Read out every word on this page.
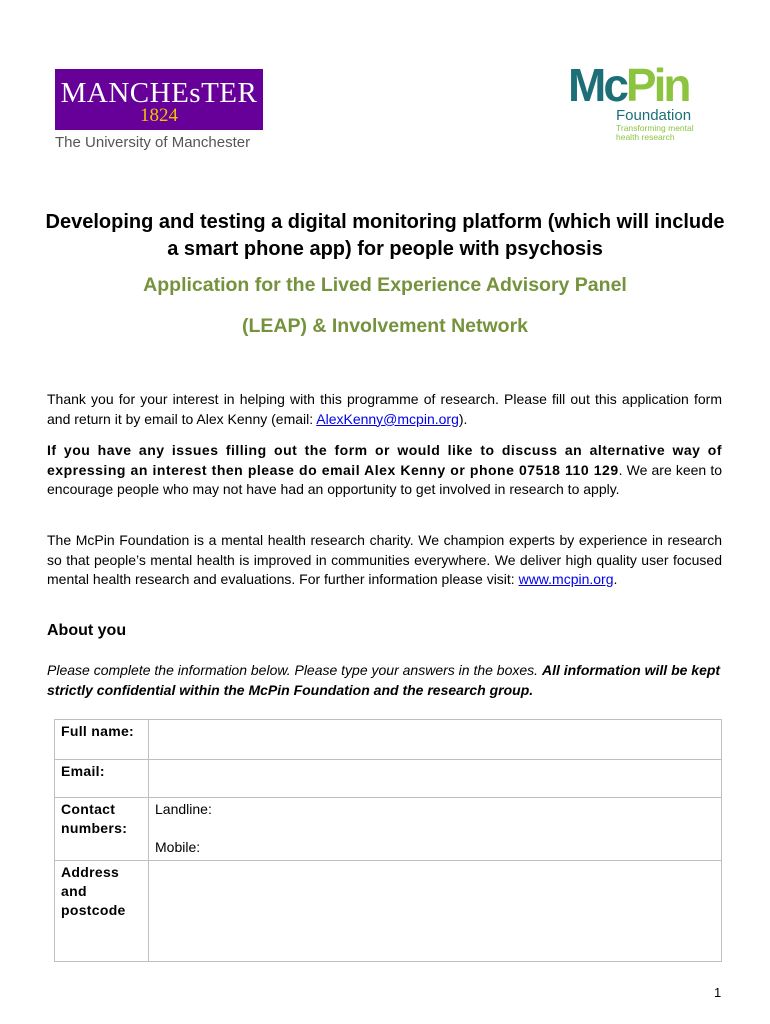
MANCHEsTER
1824
The University of Manchester
McPin
Foundation
Transforming mental
health research
Developing and testing a digital monitoring platform (which will include a smart phone app) for people with psychosis
Application for the Lived Experience Advisory Panel
(LEAP) & Involvement Network
Thank you for your interest in helping with this programme of research. Please fill out this application form and return it by email to Alex Kenny (email: AlexKenny@mcpin.org).
If you have any issues filling out the form or would like to discuss an alternative way of expressing an interest then please do email Alex Kenny or phone 07518 110 129. We are keen to encourage people who may not have had an opportunity to get involved in research to apply.
The McPin Foundation is a mental health research charity. We champion experts by experience in research so that people’s mental health is improved in communities everywhere. We deliver high quality user focused mental health research and evaluations. For further information please visit: www.mcpin.org.
About you
Please complete the information below. Please type your answers in the boxes. All information will be kept strictly confidential within the McPin Foundation and the research group.
Full name:	
Email:	
Contact numbers:	Landline:
Mobile:

Address and postcode	
1
